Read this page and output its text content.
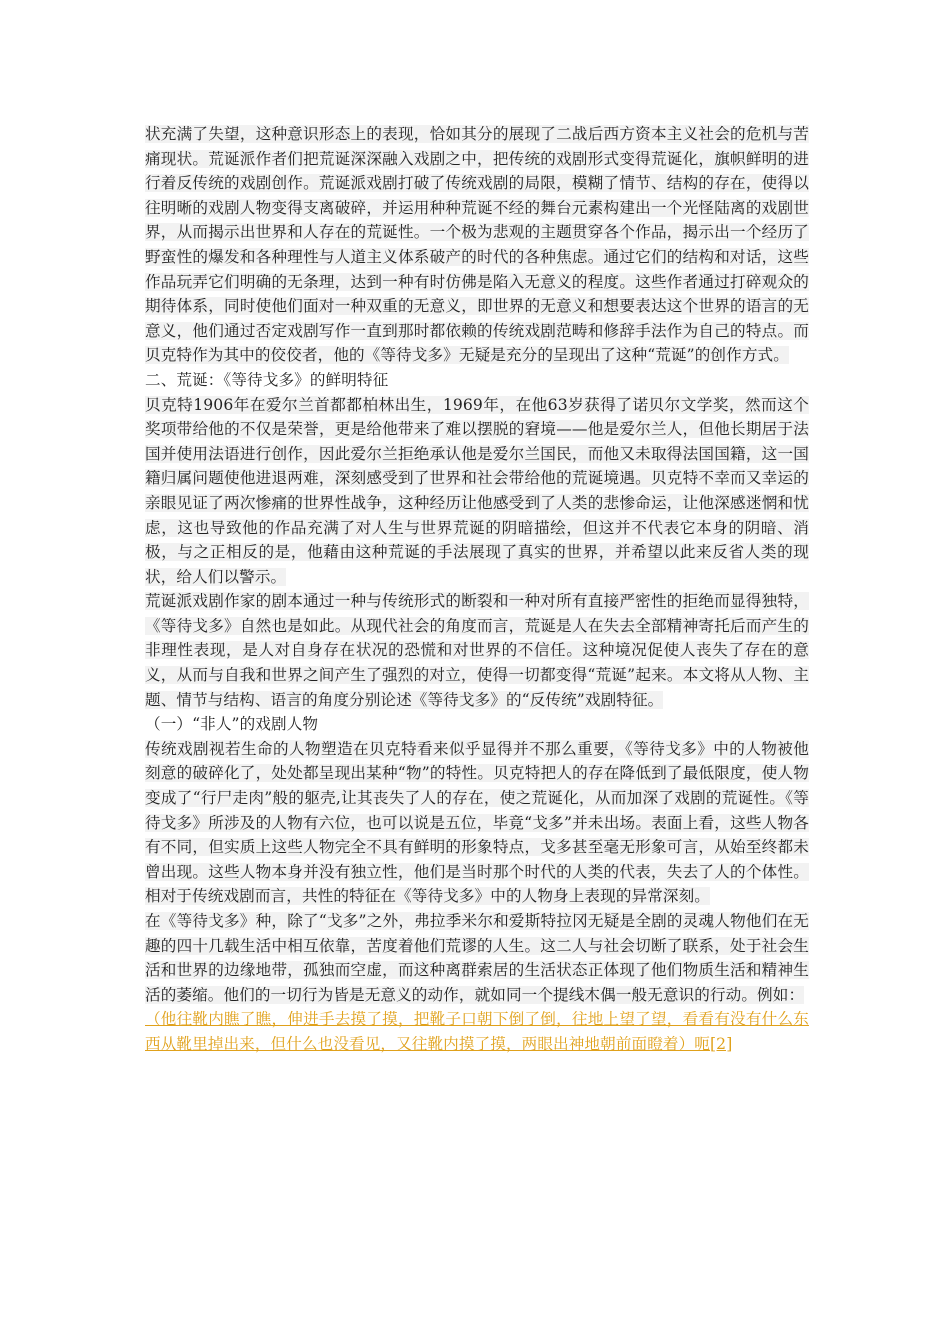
状充满了失望，这种意识形态上的表现，恰如其分的展现了二战后西方资本主义社会的危机与苦痛现状。荒诞派作者们把荒诞深深融入戏剧之中，把传统的戏剧形式变得荒诞化，旗帜鲜明的进行着反传统的戏剧创作。荒诞派戏剧打破了传统戏剧的局限，模糊了情节、结构的存在，使得以往明晰的戏剧人物变得支离破碎，并运用种种荒诞不经的舞台元素构建出一个光怪陆离的戏剧世界，从而揭示出世界和人存在的荒诞性。一个极为悲观的主题贯穿各个作品，揭示出一个经历了野蛮性的爆发和各种理性与人道主义体系破产的时代的各种焦虑。通过它们的结构和对话，这些作品玩弄它们明确的无条理，达到一种有时仿佛是陷入无意义的程度。这些作者通过打碎观众的期待体系，同时使他们面对一种双重的无意义，即世界的无意义和想要表达这个世界的语言的无意义，他们通过否定戏剧写作一直到那时都依赖的传统戏剧范畴和修辞手法作为自己的特点。而贝克特作为其中的佼佼者，他的《等待戈多》无疑是充分的呈现出了这种“荒诞”的创作方式。

二、荒诞：《等待戈多》的鲜明特征

贝克特1906年在爱尔兰首都都柏林出生，1969年，在他63岁获得了诺贝尔文学奖，然而这个奖项带给他的不仅是荣誉，更是给他带来了难以摆脱的窘境——他是爱尔兰人，但他长期居于法国并使用法语进行创作，因此爱尔兰拒绝承认他是爱尔兰国民，而他又未取得法国国籍，这一国籍归属问题使他进退两难，深刻感受到了世界和社会带给他的荒诞境遇。贝克特不幸而又幸运的亲眼见证了两次惨痛的世界性战争，这种经历让他感受到了人类的悲惨命运，让他深感迷惘和忧虑，这也导致他的作品充满了对人生与世界荒诞的阴暗描绘，但这并不代表它本身的阴暗、消极，与之正相反的是，他藉由这种荒诞的手法展现了真实的世界，并希望以此来反省人类的现状，给人们以警示。

荒诞派戏剧作家的剧本通过一种与传统形式的断裂和一种对所有直接严密性的拒绝而显得独特，《等待戈多》自然也是如此。从现代社会的角度而言，荒诞是人在失去全部精神寄托后而产生的非理性表现，是人对自身存在状况的恐慌和对世界的不信任。这种境况促使人丧失了存在的意义，从而与自我和世界之间产生了强烈的对立，使得一切都变得“荒诞”起来。本文将从人物、主题、情节与结构、语言的角度分别论述《等待戈多》的“反传统”戏剧特征。

（一）“非人”的戏剧人物

传统戏剧视若生命的人物塑造在贝克特看来似乎显得并不那么重要，《等待戈多》中的人物被他刻意的破碎化了，处处都呈现出某种“物”的特性。贝克特把人的存在降低到了最低限度，使人物变成了“行尸走肉”般的躯壳,让其丧失了人的存在，使之荒诞化，从而加深了戏剧的荒诞性。《等待戈多》所涉及的人物有六位，也可以说是五位，毕竟“戈多”并未出场。表面上看，这些人物各有不同，但实质上这些人物完全不具有鲜明的形象特点，戈多甚至毫无形象可言，从始至终都未曾出现。这些人物本身并没有独立性，他们是当时那个时代的人类的代表，失去了人的个体性。相对于传统戏剧而言，共性的特征在《等待戈多》中的人物身上表现的异常深刻。

在《等待戈多》种，除了“戈多”之外，弗拉季米尔和爱斯特拉冈无疑是全剧的灵魂人物他们在无趣的四十几载生活中相互依靠，苦度着他们荒谬的人生。这二人与社会切断了联系，处于社会生活和世界的边缘地带，孤独而空虚，而这种离群索居的生活状态正体现了他们物质生活和精神生活的萎缩。他们的一切行为皆是无意义的动作，就如同一个提线木偶一般无意识的行动。例如：

（他往靴内瞧了瞧，伸进手去摸了摸，把靴子口朝下倒了倒，往地上望了望，看看有没有什么东西从靴里掉出来，但什么也没看见，又往靴内摸了摸，两眼出神地朝前面瞪着）呃[2]
